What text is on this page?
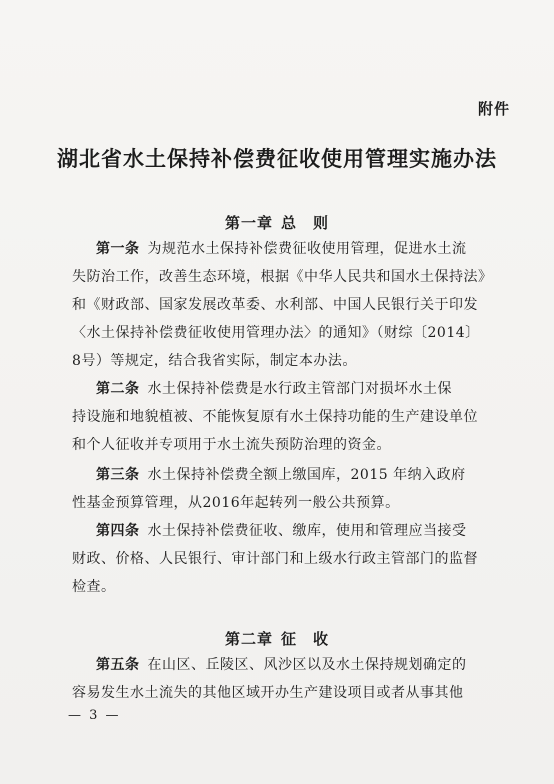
附件
湖北省水土保持补偿费征收使用管理实施办法
第一章 总　则
第一条 为规范水土保持补偿费征收使用管理，促进水土流
失防治工作，改善生态环境，根据《中华人民共和国水土保持法》
和《财政部、国家发展改革委、水利部、中国人民银行关于印发
〈水土保持补偿费征收使用管理办法〉的通知》（财综〔2014〕
8号）等规定，结合我省实际，制定本办法。
第二条 水土保持补偿费是水行政主管部门对损坏水土保
持设施和地貌植被、不能恢复原有水土保持功能的生产建设单位
和个人征收并专项用于水土流失预防治理的资金。
第三条 水土保持补偿费全额上缴国库，2015 年纳入政府
性基金预算管理，从2016年起转列一般公共预算。
第四条 水土保持补偿费征收、缴库，使用和管理应当接受
财政、价格、人民银行、审计部门和上级水行政主管部门的监督
检查。
第二章 征　收
第五条 在山区、丘陵区、风沙区以及水土保持规划确定的
容易发生水土流失的其他区域开办生产建设项目或者从事其他
— 3 —
